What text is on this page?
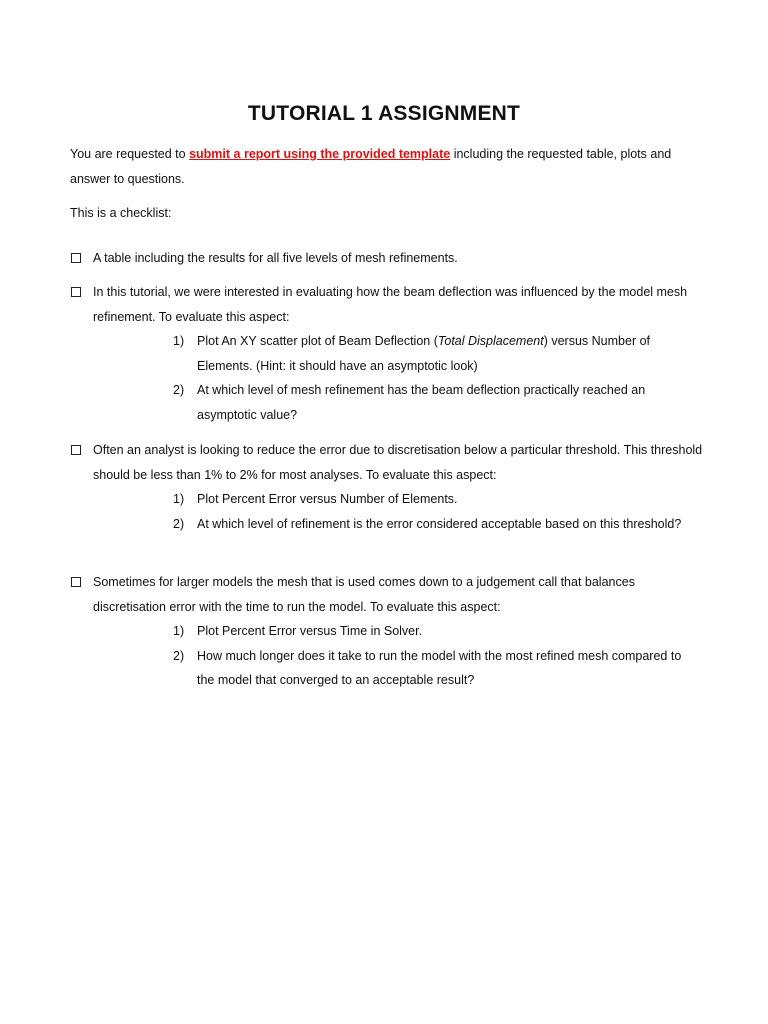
TUTORIAL 1 ASSIGNMENT
You are requested to submit a report using the provided template including the requested table, plots and answer to questions.
This is a checklist:
A table including the results for all five levels of mesh refinements.
In this tutorial, we were interested in evaluating how the beam deflection was influenced by the model mesh refinement. To evaluate this aspect:
1) Plot An XY scatter plot of Beam Deflection (Total Displacement) versus Number of Elements. (Hint: it should have an asymptotic look)
2) At which level of mesh refinement has the beam deflection practically reached an asymptotic value?
Often an analyst is looking to reduce the error due to discretisation below a particular threshold. This threshold should be less than 1% to 2% for most analyses. To evaluate this aspect:
1) Plot Percent Error versus Number of Elements.
2) At which level of refinement is the error considered acceptable based on this threshold?
Sometimes for larger models the mesh that is used comes down to a judgement call that balances discretisation error with the time to run the model. To evaluate this aspect:
1) Plot Percent Error versus Time in Solver.
2) How much longer does it take to run the model with the most refined mesh compared to the model that converged to an acceptable result?
